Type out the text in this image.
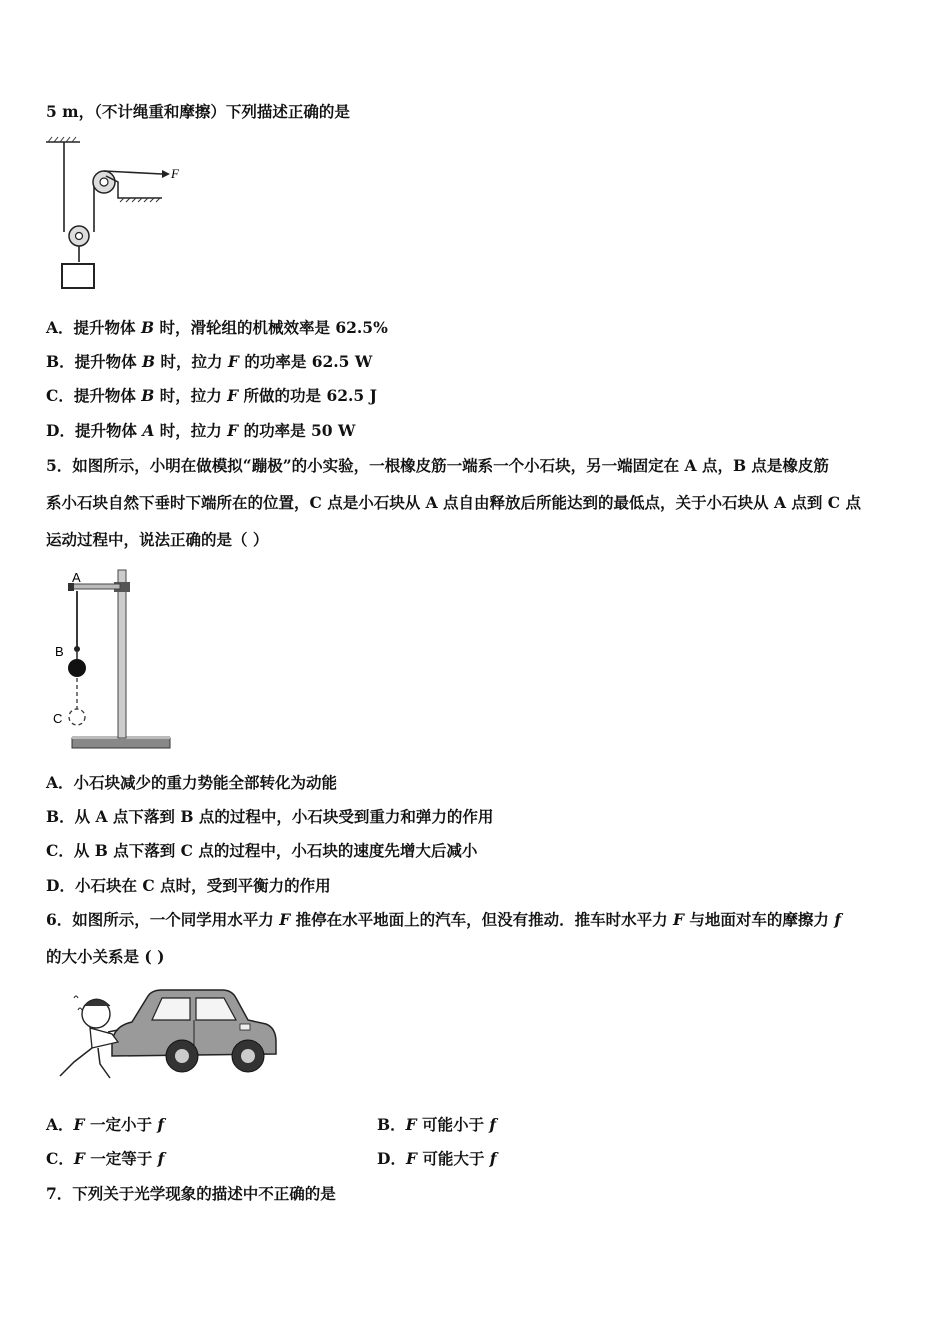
5 m，（不计绳重和摩擦）下列描述正确的是
F
A．提升物体 B 时，滑轮组的机械效率是 62.5%
B．提升物体 B 时，拉力 F 的功率是 62.5 W
C．提升物体 B 时，拉力 F 所做的功是 62.5 J
D．提升物体 A 时，拉力 F 的功率是 50 W
5．如图所示，小明在做模拟“蹦极”的小实验，一根橡皮筋一端系一个小石块，另一端固定在 A 点，B 点是橡皮筋
系小石块自然下垂时下端所在的位置，C 点是小石块从 A 点自由释放后所能达到的最低点，关于小石块从 A 点到 C 点
运动过程中，说法正确的是（ ）
A
B
C
A．小石块减少的重力势能全部转化为动能
B．从 A 点下落到 B 点的过程中，小石块受到重力和弹力的作用
C．从 B 点下落到 C 点的过程中，小石块的速度先增大后减小
D．小石块在 C 点时，受到平衡力的作用
6．如图所示，一个同学用水平力 F 推停在水平地面上的汽车，但没有推动．推车时水平力 F 与地面对车的摩擦力 f
的大小关系是 ( )
A．F 一定小于 f	B．F 可能小于 f
C．F 一定等于 f	D．F 可能大于 f
7．下列关于光学现象的描述中不正确的是
